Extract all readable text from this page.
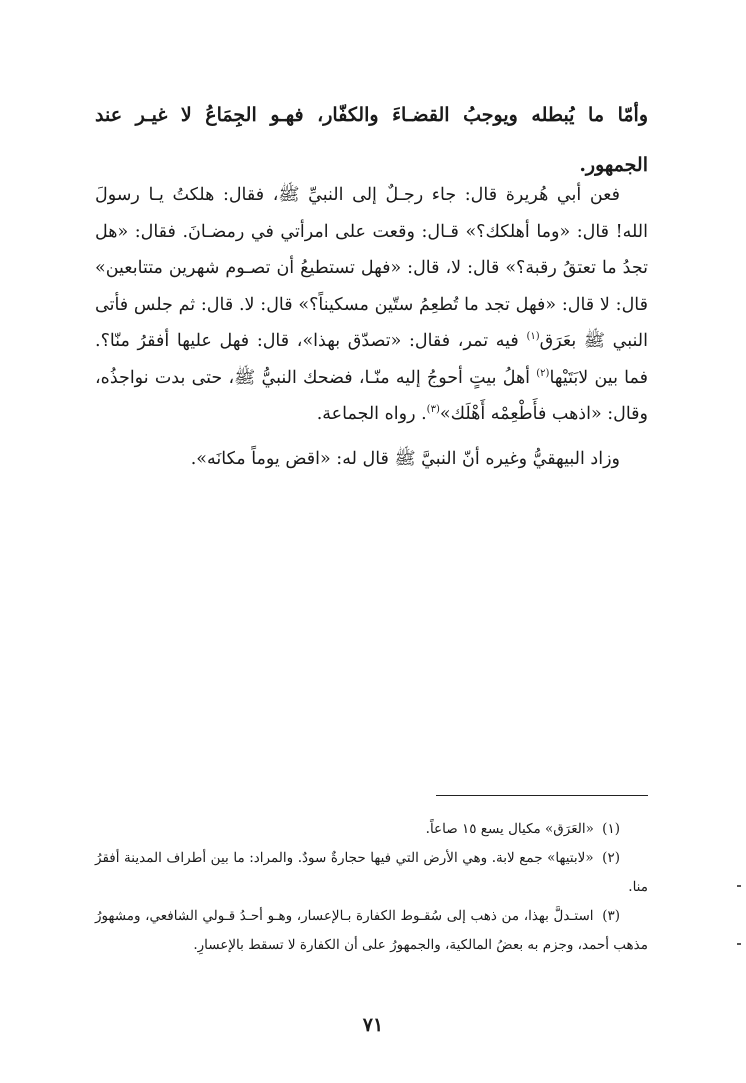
وأمّا ما يُبطله ويوجبُ القضـاءَ والكفّار، فهـو الجِمَاعُ لا غيـر عند الجمهور.

فعن أبي هُريرة قال: جاء رجـلٌ إلى النبيِّ ﷺ، فقال: هلكتُ يـا رسولَ الله! قال: «وما أهلكك؟» قـال: وقعت على امرأتي في رمضـانَ. فقال: «هل تجدُ ما تعتقُ رقبة؟» قال: لا، قال: «فهل تستطيعُ أن تصـوم شهرين متتابعين» قال: لا قال: «فهل تجد ما تُطعِمُ ستّين مسكيناً؟» قال: لا. قال: ثم جلس فأتى النبي ﷺ بعَرَق$^{(١)}$ فيه تمر، فقال: «تصدّق بهذا»، قال: فهل عليها أفقرُ منّا؟. فما بين لابَتَيْها$^{(٢)}$ أهلُ بيتٍ أحوجُ إليه منّـا، فضحك النبيُّ ﷺ، حتى بدت نواجذُه، وقال: «اذهب فأَطْعِمْه أَهْلَك»$^{(٣)}$. رواه الجماعة.

وزاد البيهقيُّ وغيره أنّ النبيَّ ﷺ قال له: «اقض يوماً مكانَه».

(١) «العَرَق» مكيال يسع ١٥ صاعاً.

(٢) «لابتيها» جمع لابة. وهي الأرض التي فيها حجارةٌ سودٌ. والمراد: ما بين أطراف المدينة أفقرُ منا.

(٣) استـدلَّ بهذا، من ذهب إلى سُقـوط الكفارة بـالإعسار، وهـو أحـدُ قـولي الشافعي، ومشهورُ مذهب أحمد، وجزم به بعضُ المالكية، والجمهورُ على أن الكفارة لا تسقط بالإعسارِ.

٧١
